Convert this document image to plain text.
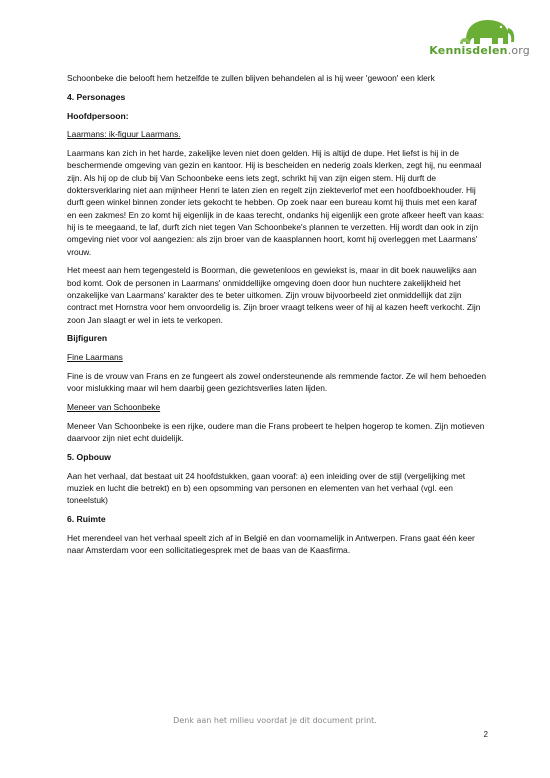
Kennisdelen.org

Schoonbeke die belooft hem hetzelfde te zullen blijven behandelen al is hij weer 'gewoon' een klerk

4. Personages
Hoofdpersoon:

Laarmans: ik-figuur Laarmans.

Laarmans kan zich in het harde, zakelijke leven niet doen gelden. Hij is altijd de dupe. Het liefst is hij in de beschermende omgeving van gezin en kantoor. Hij is bescheiden en nederig zoals klerken, zegt hij, nu eenmaal zijn. Als hij op de club bij Van Schoonbeke eens iets zegt, schrikt hij van zijn eigen stem. Hij durft de doktersverklaring niet aan mijnheer Henri te laten zien en regelt zijn ziekteverlof met een hoofdboekhouder. Hij durft geen winkel binnen zonder iets gekocht te hebben. Op zoek naar een bureau komt hij thuis met een karaf en een zakmes! En zo komt hij eigenlijk in de kaas terecht, ondanks hij eigenlijk een grote afkeer heeft van kaas: hij is te meegaand, te laf, durft zich niet tegen Van Schoonbeke's plannen te verzetten. Hij wordt dan ook in zijn omgeving niet voor vol aangezien: als zijn broer van de kaasplannen hoort, komt hij overleggen met Laarmans' vrouw.

Het meest aan hem tegengesteld is Boorman, die gewetenloos en gewiekst is, maar in dit boek nauwelijks aan bod komt. Ook de personen in Laarmans' onmiddellijke omgeving doen door hun nuchtere zakelijkheid het onzakelijke van Laarmans' karakter des te beter uitkomen. Zijn vrouw bijvoorbeeld ziet onmiddellijk dat zijn contract met Hornstra voor hem onvoordelig is. Zijn broer vraagt telkens weer of hij al kazen heeft verkocht. Zijn zoon Jan slaagt er wel in iets te verkopen.

Bijfiguren

Fine Laarmans

Fine is de vrouw van Frans en ze fungeert als zowel ondersteunende als remmende factor. Ze wil hem behoeden voor mislukking maar wil hem daarbij geen gezichtsverlies laten lijden.

Meneer van Schoonbeke

Meneer Van Schoonbeke is een rijke, oudere man die Frans probeert te helpen hogerop te komen. Zijn motieven daarvoor zijn niet echt duidelijk.

5. Opbouw

Aan het verhaal, dat bestaat uit 24 hoofdstukken, gaan vooraf: a) een inleiding over de stijl (vergelijking met muziek en lucht die betrekt) en b) een opsomming van personen en elementen van het verhaal (vgl. een toneelstuk)

6. Ruimte

Het merendeel van het verhaal speelt zich af in België en dan voornamelijk in Antwerpen. Frans gaat één keer naar Amsterdam voor een sollicitatiegesprek met de baas van de Kaasfirma.

Denk aan het milieu voordat je dit document print.
2
